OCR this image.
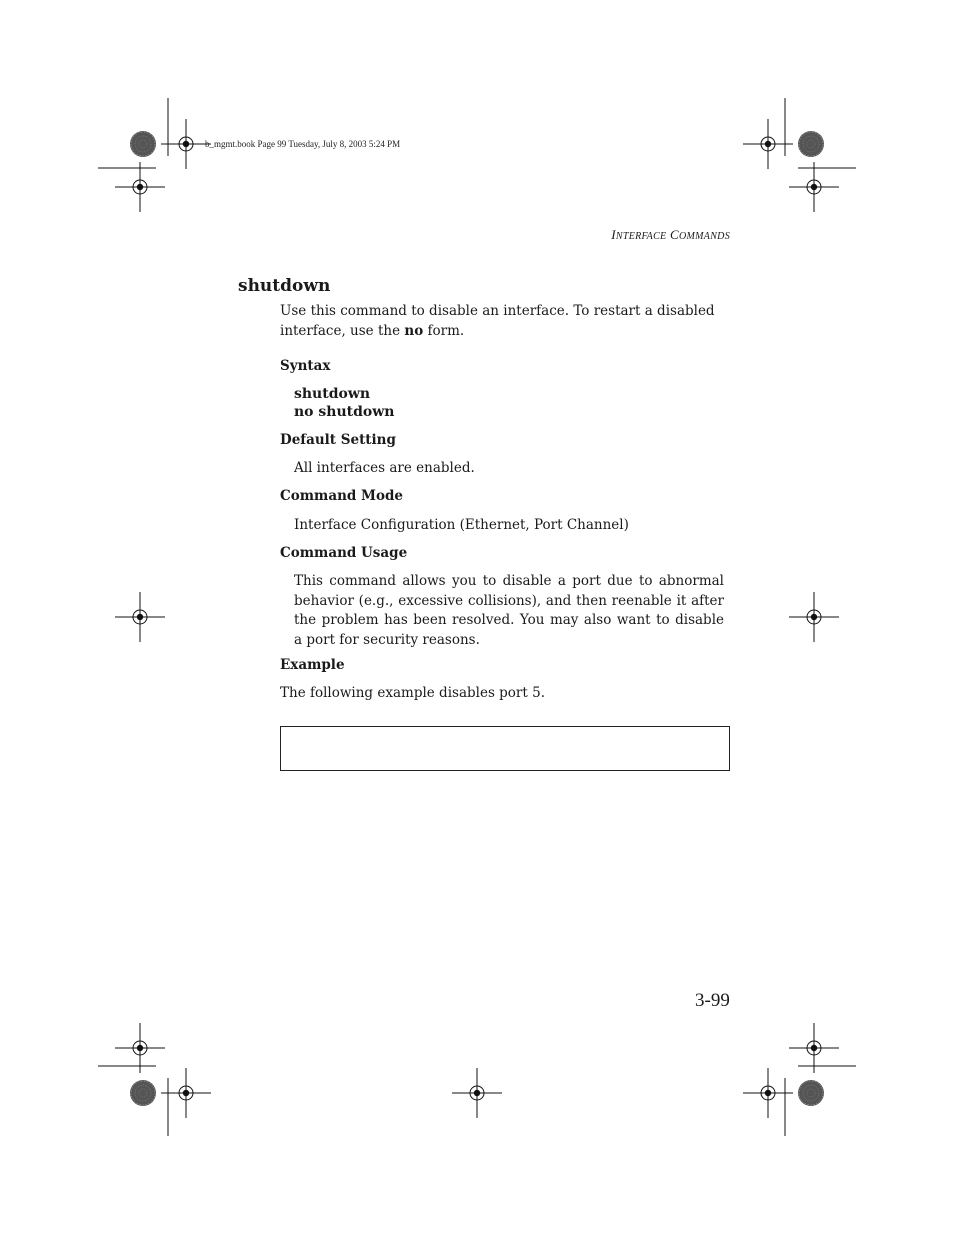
b_mgmt.book Page 99 Tuesday, July 8, 2003 5:24 PM
INTERFACE COMMANDS
shutdown
Use this command to disable an interface. To restart a disabled interface, use the no form.
Syntax
shutdown
no shutdown
Default Setting
All interfaces are enabled.
Command Mode
Interface Configuration (Ethernet, Port Channel)
Command Usage
This command allows you to disable a port due to abnormal behavior (e.g., excessive collisions), and then reenable it after the problem has been resolved. You may also want to disable a port for security reasons.
Example
The following example disables port 5.
3-99
